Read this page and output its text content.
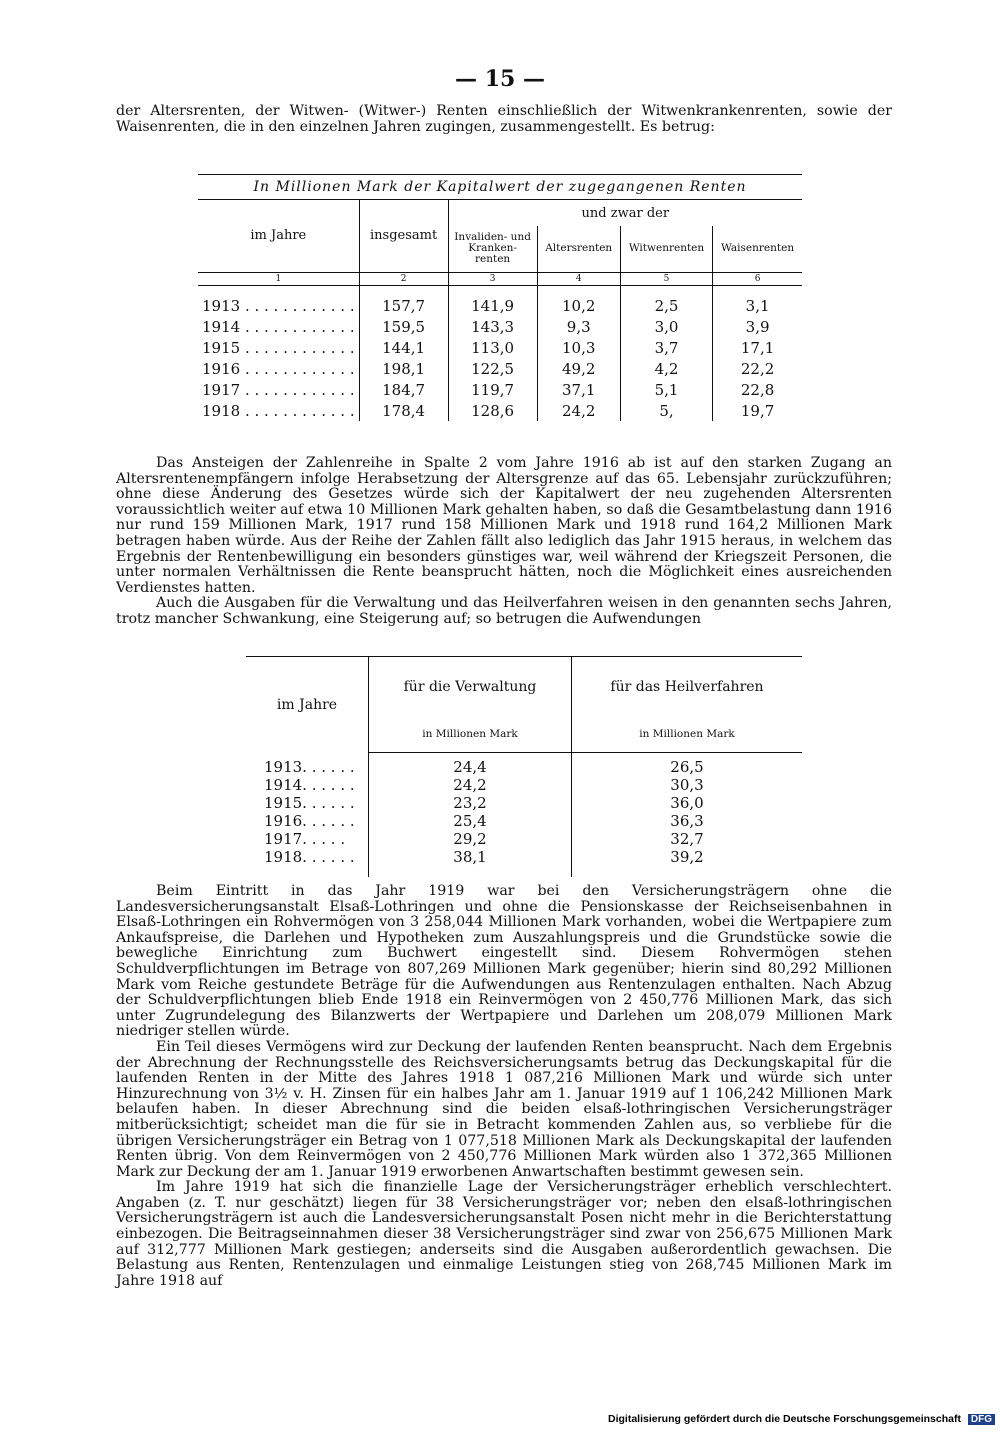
— 15 —

der Altersrenten, der Witwen- (Witwer-) Renten einschließlich der Witwenkrankenrenten, sowie der Waisenrenten, die in den einzelnen Jahren zugingen, zusammengestellt. Es betrug:

In Millionen Mark der Kapitalwert der zugegangenen Renten					
im Jahre	insgesamt	und zwar der			
		Invaliden- und Kranken-renten	Altersrenten	Witwenrenten	Waisenrenten
1	2	3	4	5	6

1913 . . . . . . . . . . . .	157,7	141,9	10,2	2,5	3,1
1914 . . . . . . . . . . . .	159,5	143,3	9,3	3,0	3,9
1915 . . . . . . . . . . . .	144,1	113,0	10,3	3,7	17,1
1916 . . . . . . . . . . . .	198,1	122,5	49,2	4,2	22,2
1917 . . . . . . . . . . . .	184,7	119,7	37,1	5,1	22,8
1918 . . . . . . . . . . . .	178,4	128,6	24,2	5,	19,7

Das Ansteigen der Zahlenreihe in Spalte 2 vom Jahre 1916 ab ist auf den starken Zugang an Altersrentenempfängern infolge Herabsetzung der Altersgrenze auf das 65. Lebensjahr zurückzuführen; ohne diese Änderung des Gesetzes würde sich der Kapitalwert der neu zugehenden Altersrenten voraussichtlich weiter auf etwa 10 Millionen Mark gehalten haben, so daß die Gesamtbelastung dann 1916 nur rund 159 Millionen Mark, 1917 rund 158 Millionen Mark und 1918 rund 164,2 Millionen Mark betragen haben würde. Aus der Reihe der Zahlen fällt also lediglich das Jahr 1915 heraus, in welchem das Ergebnis der Rentenbewilligung ein besonders günstiges war, weil während der Kriegszeit Personen, die unter normalen Verhältnissen die Rente beansprucht hätten, noch die Möglichkeit eines ausreichenden Verdienstes hatten.

Auch die Ausgaben für die Verwaltung und das Heilverfahren weisen in den genannten sechs Jahren, trotz mancher Schwankung, eine Steigerung auf; so betrugen die Aufwendungen

im Jahre	für die Verwaltung	für das Heilverfahren
	in Millionen Mark	in Millionen Mark

1913. . . . . .	24,4	26,5
1914. . . . . .	24,2	30,3
1915. . . . . .	23,2	36,0
1916. . . . . .	25,4	36,3
1917. . . . .	29,2	32,7
1918. . . . . .	38,1	39,2

Beim Eintritt in das Jahr 1919 war bei den Versicherungsträgern ohne die Landesversicherungsanstalt Elsaß-Lothringen und ohne die Pensionskasse der Reichseisenbahnen in Elsaß-Lothringen ein Rohvermögen von 3 258,044 Millionen Mark vorhanden, wobei die Wertpapiere zum Ankaufspreise, die Darlehen und Hypotheken zum Auszahlungspreis und die Grundstücke sowie die bewegliche Einrichtung zum Buchwert eingestellt sind. Diesem Rohvermögen stehen Schuldverpflichtungen im Betrage von 807,269 Millionen Mark gegenüber; hierin sind 80,292 Millionen Mark vom Reiche gestundete Beträge für die Aufwendungen aus Rentenzulagen enthalten. Nach Abzug der Schuldverpflichtungen blieb Ende 1918 ein Reinvermögen von 2 450,776 Millionen Mark, das sich unter Zugrundelegung des Bilanzwerts der Wertpapiere und Darlehen um 208,079 Millionen Mark niedriger stellen würde.

Ein Teil dieses Vermögens wird zur Deckung der laufenden Renten beansprucht. Nach dem Ergebnis der Abrechnung der Rechnungsstelle des Reichsversicherungsamts betrug das Deckungskapital für die laufenden Renten in der Mitte des Jahres 1918 1 087,216 Millionen Mark und würde sich unter Hinzurechnung von 3½ v. H. Zinsen für ein halbes Jahr am 1. Januar 1919 auf 1 106,242 Millionen Mark belaufen haben. In dieser Abrechnung sind die beiden elsaß-lothringischen Versicherungsträger mitberücksichtigt; scheidet man die für sie in Betracht kommenden Zahlen aus, so verbliebe für die übrigen Versicherungsträger ein Betrag von 1 077,518 Millionen Mark als Deckungskapital der laufenden Renten übrig. Von dem Reinvermögen von 2 450,776 Millionen Mark würden also 1 372,365 Millionen Mark zur Deckung der am 1. Januar 1919 erworbenen Anwartschaften bestimmt gewesen sein.

Im Jahre 1919 hat sich die finanzielle Lage der Versicherungsträger erheblich verschlechtert. Angaben (z. T. nur geschätzt) liegen für 38 Versicherungsträger vor; neben den elsaß-lothringischen Versicherungsträgern ist auch die Landesversicherungsanstalt Posen nicht mehr in die Berichterstattung einbezogen. Die Beitragseinnahmen dieser 38 Versicherungsträger sind zwar von 256,675 Millionen Mark auf 312,777 Millionen Mark gestiegen; anderseits sind die Ausgaben außerordentlich gewachsen. Die Belastung aus Renten, Rentenzulagen und einmalige Leistungen stieg von 268,745 Millionen Mark im Jahre 1918 auf

Digitalisierung gefördert durch die Deutsche Forschungsgemeinschaft DFG
